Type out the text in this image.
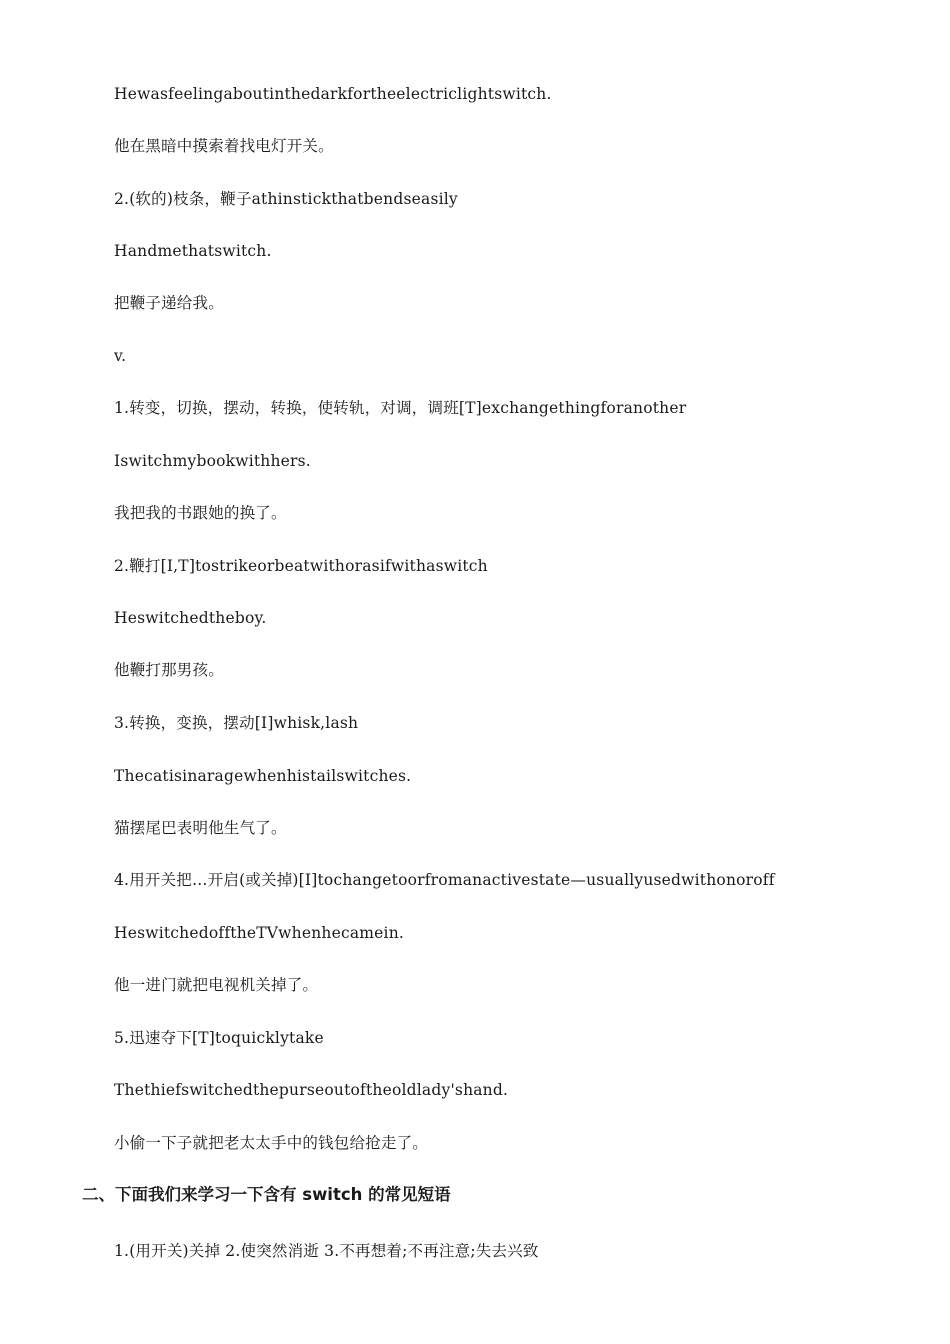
Hewasfeelingaboutinthedarkfortheelectriclightswitch.
他在黑暗中摸索着找电灯开关。
2.(软的)枝条，鞭子athinstickthatbendseasily
Handmethatswitch.
把鞭子递给我。
v.
1.转变，切换，摆动，转换，使转轨，对调，调班[T]exchangethingforanother
Iswitchmybookwithhers.
我把我的书跟她的换了。
2.鞭打[I,T]tostrikeorbeatwithorasifwithaswitch
Heswitchedtheboy.
他鞭打那男孩。
3.转换，变换，摆动[I]whisk,lash
Thecatisinaragewhenhistailswitches.
猫摆尾巴表明他生气了。
4.用开关把…开启(或关掉)[I]tochangetoorfromanactivestate—usuallyusedwithonoroff
HeswitchedofftheTVwhenhecamein.
他一进门就把电视机关掉了。
5.迅速夺下[T]toquicklytake
Thethiefswitchedthepurseoutoftheoldlady'shand.
小偷一下子就把老太太手中的钱包给抢走了。
二、下面我们来学习一下含有 switch 的常见短语
1.(用开关)关掉 2.使突然消逝 3.不再想着;不再注意;失去兴致
